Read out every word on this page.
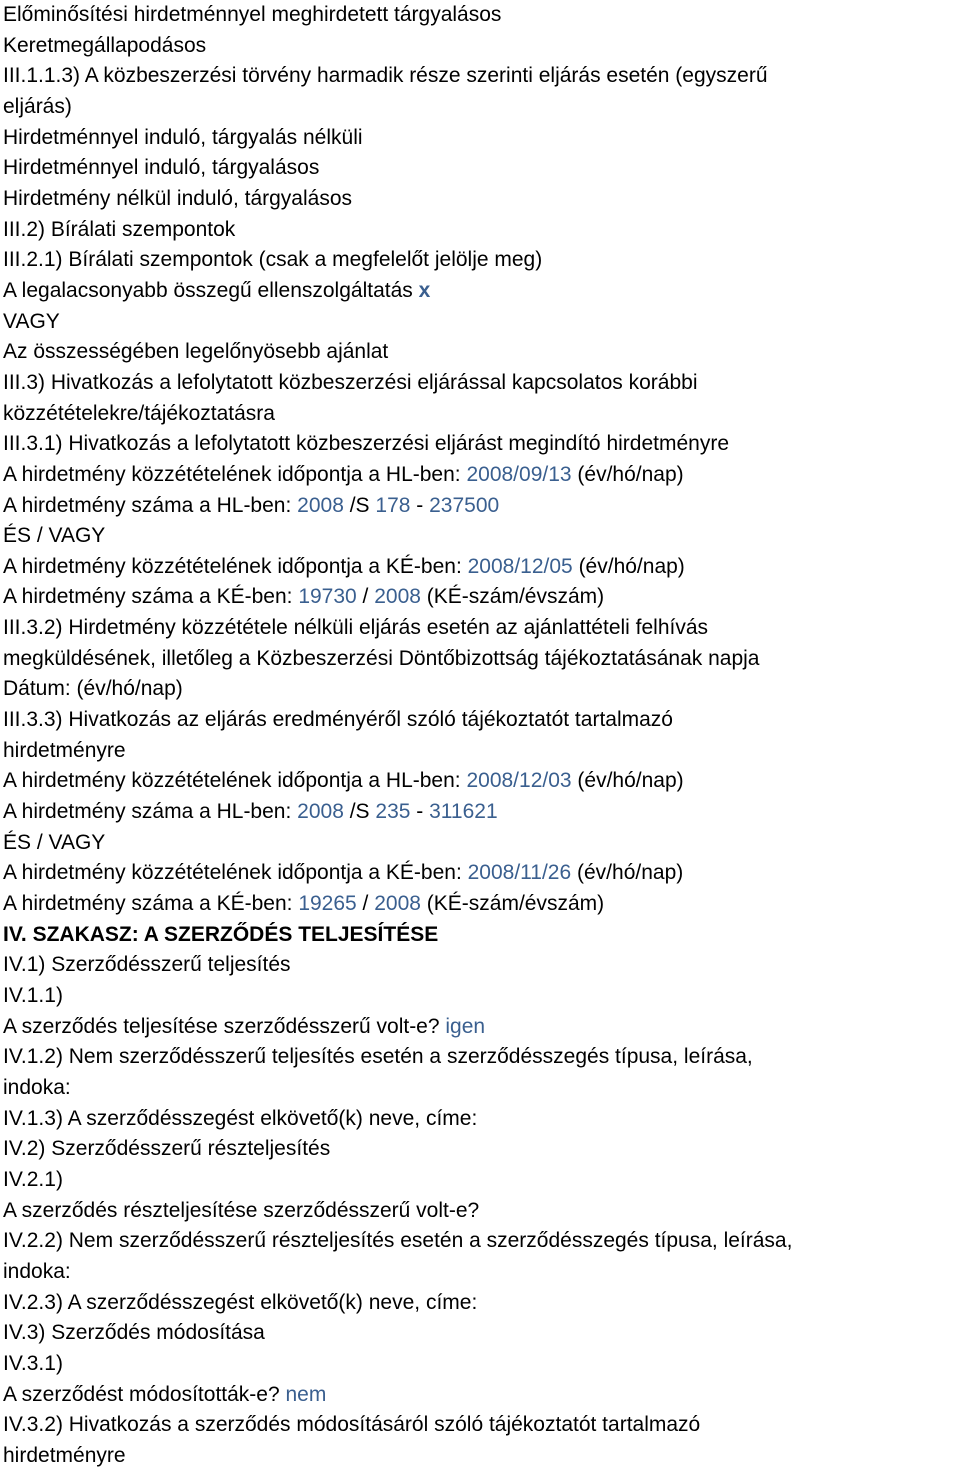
Előminősítési hirdetménnyel meghirdetett tárgyalásos
Keretmegállapodásos
III.1.1.3) A közbeszerzési törvény harmadik része szerinti eljárás esetén (egyszerű
eljárás)
Hirdetménnyel induló, tárgyalás nélküli
Hirdetménnyel induló, tárgyalásos
Hirdetmény nélkül induló, tárgyalásos
III.2) Bírálati szempontok
III.2.1) Bírálati szempontok (csak a megfelelőt jelölje meg)
A legalacsonyabb összegű ellenszolgáltatás x
VAGY
Az összességében legelőnyösebb ajánlat
III.3) Hivatkozás a lefolytatott közbeszerzési eljárással kapcsolatos korábbi
közzétételekre/tájékoztatásra
III.3.1) Hivatkozás a lefolytatott közbeszerzési eljárást megindító hirdetményre
A hirdetmény közzétételének időpontja a HL-ben: 2008/09/13 (év/hó/nap)
A hirdetmény száma a HL-ben: 2008 /S 178 - 237500
ÉS / VAGY
A hirdetmény közzétételének időpontja a KÉ-ben: 2008/12/05 (év/hó/nap)
A hirdetmény száma a KÉ-ben: 19730 / 2008 (KÉ-szám/évszám)
III.3.2) Hirdetmény közzététele nélküli eljárás esetén az ajánlattételi felhívás
megküldésének, illetőleg a Közbeszerzési Döntőbizottság tájékoztatásának napja
Dátum: (év/hó/nap)
III.3.3) Hivatkozás az eljárás eredményéről szóló tájékoztatót tartalmazó
hirdetményre
A hirdetmény közzétételének időpontja a HL-ben: 2008/12/03 (év/hó/nap)
A hirdetmény száma a HL-ben: 2008 /S 235 - 311621
ÉS / VAGY
A hirdetmény közzétételének időpontja a KÉ-ben: 2008/11/26 (év/hó/nap)
A hirdetmény száma a KÉ-ben: 19265 / 2008 (KÉ-szám/évszám)
IV. SZAKASZ: A SZERZŐDÉS TELJESÍTÉSE
IV.1) Szerződésszerű teljesítés
IV.1.1)
A szerződés teljesítése szerződésszerű volt-e? igen
IV.1.2) Nem szerződésszerű teljesítés esetén a szerződésszegés típusa, leírása,
indoka:
IV.1.3) A szerződésszegést elkövető(k) neve, címe:
IV.2) Szerződésszerű részteljesítés
IV.2.1)
A szerződés részteljesítése szerződésszerű volt-e?
IV.2.2) Nem szerződésszerű részteljesítés esetén a szerződésszegés típusa, leírása,
indoka:
IV.2.3) A szerződésszegést elkövető(k) neve, címe:
IV.3) Szerződés módosítása
IV.3.1)
A szerződést módosították-e? nem
IV.3.2) Hivatkozás a szerződés módosításáról szóló tájékoztatót tartalmazó
hirdetményre
